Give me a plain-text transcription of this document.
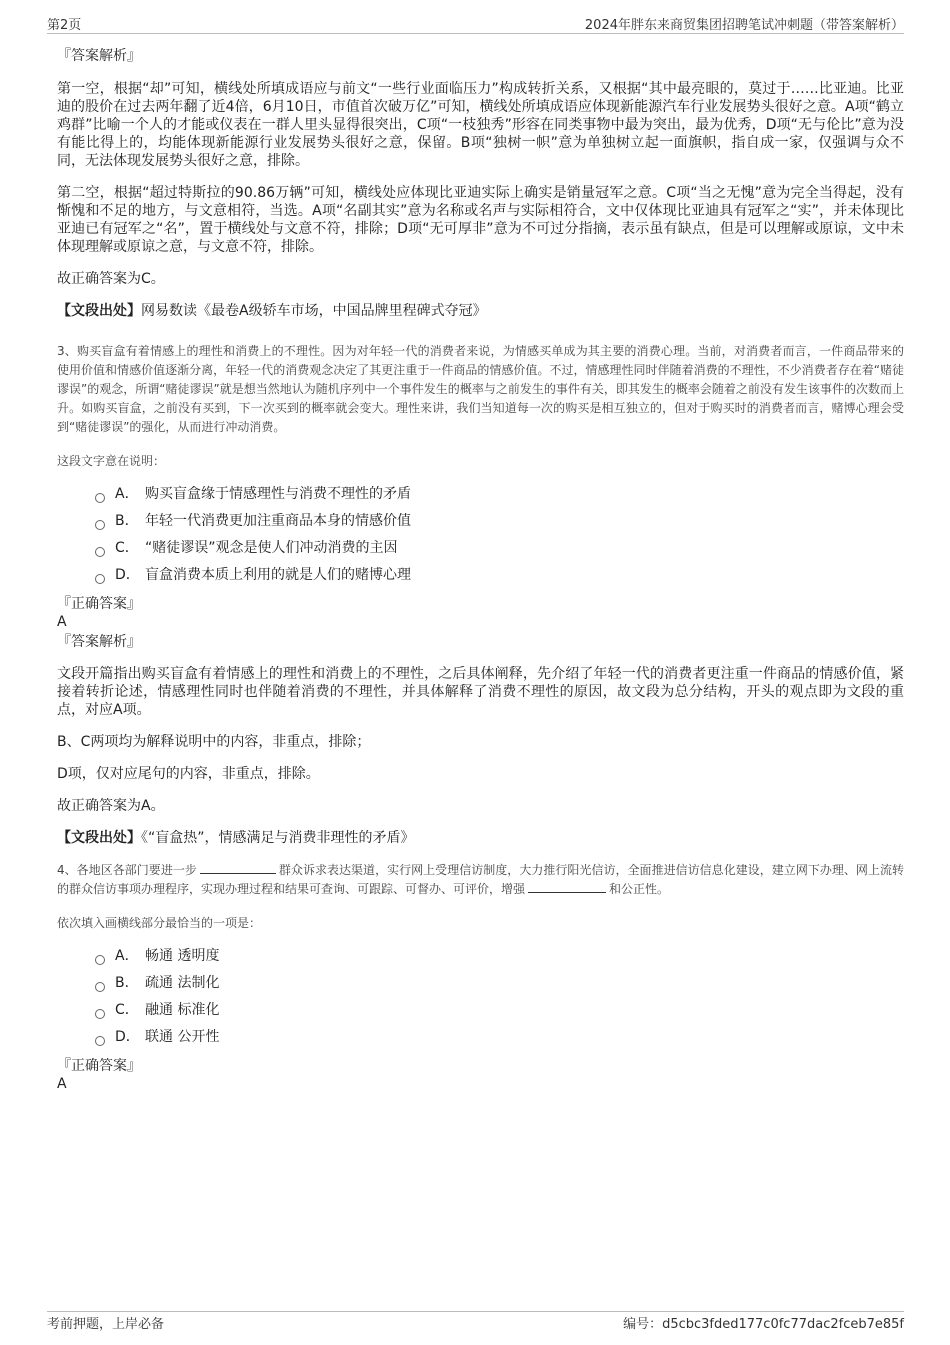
第2页	2024年胖东来商贸集团招聘笔试冲刺题（带答案解析）
『答案解析』

第一空，根据“却”可知，横线处所填成语应与前文“一些行业面临压力”构成转折关系，又根据“其中最亮眼的，莫过于……比亚迪。比亚迪的股价在过去两年翻了近4倍，6月10日，市值首次破万亿”可知，横线处所填成语应体现新能源汽车行业发展势头很好之意。A项“鹤立鸡群”比喻一个人的才能或仪表在一群人里头显得很突出，C项“一枝独秀”形容在同类事物中最为突出，最为优秀，D项“无与伦比”意为没有能比得上的，均能体现新能源行业发展势头很好之意，保留。B项“独树一帜”意为单独树立起一面旗帜，指自成一家，仅强调与众不同，无法体现发展势头很好之意，排除。

第二空，根据“超过特斯拉的90.86万辆”可知，横线处应体现比亚迪实际上确实是销量冠军之意。C项“当之无愧”意为完全当得起，没有惭愧和不足的地方，与文意相符，当选。A项“名副其实”意为名称或名声与实际相符合，文中仅体现比亚迪具有冠军之“实”，并未体现比亚迪已有冠军之“名”，置于横线处与文意不符，排除；D项“无可厚非”意为不可过分指摘，表示虽有缺点，但是可以理解或原谅，文中未体现理解或原谅之意，与文意不符，排除。

故正确答案为C。

【文段出处】网易数读《最卷A级轿车市场，中国品牌里程碑式夺冠》

3、购买盲盒有着情感上的理性和消费上的不理性。因为对年轻一代的消费者来说，为情感买单成为其主要的消费心理。当前，对消费者而言，一件商品带来的使用价值和情感价值逐渐分离，年轻一代的消费观念决定了其更注重于一件商品的情感价值。不过，情感理性同时伴随着消费的不理性，不少消费者存在着“赌徒谬误”的观念，所谓“赌徒谬误”就是想当然地认为随机序列中一个事件发生的概率与之前发生的事件有关，即其发生的概率会随着之前没有发生该事件的次数而上升。如购买盲盒，之前没有买到，下一次买到的概率就会变大。理性来讲，我们当知道每一次的购买是相互独立的，但对于购买时的消费者而言，赌博心理会受到“赌徒谬误”的强化，从而进行冲动消费。

这段文字意在说明：
A． 购买盲盒缘于情感理性与消费不理性的矛盾
B． 年轻一代消费更加注重商品本身的情感价值
C． “赌徒谬误”观念是使人们冲动消费的主因
D． 盲盒消费本质上利用的就是人们的赌博心理
『正确答案』
A
『答案解析』

文段开篇指出购买盲盒有着情感上的理性和消费上的不理性，之后具体阐释，先介绍了年轻一代的消费者更注重一件商品的情感价值，紧接着转折论述，情感理性同时也伴随着消费的不理性，并具体解释了消费不理性的原因，故文段为总分结构，开头的观点即为文段的重点，对应A项。

B、C两项均为解释说明中的内容，非重点，排除；

D项，仅对应尾句的内容，非重点，排除。

故正确答案为A。

【文段出处】《“盲盒热”，情感满足与消费非理性的矛盾》

4、各地区各部门要进一步	群众诉求表达渠道，实行网上受理信访制度，大力推行阳光信访，全面推进信访信息化建设，建立网下办理、网上流转的群众信访事项办理程序，实现办理过程和结果可查询、可跟踪、可督办、可评价，增强	和公正性。

依次填入画横线部分最恰当的一项是：
A． 畅通 透明度
B． 疏通 法制化
C． 融通 标准化
D． 联通 公开性
『正确答案』
A
考前押题，上岸必备	编号：d5cbc3fded177c0fc77dac2fceb7e85f
